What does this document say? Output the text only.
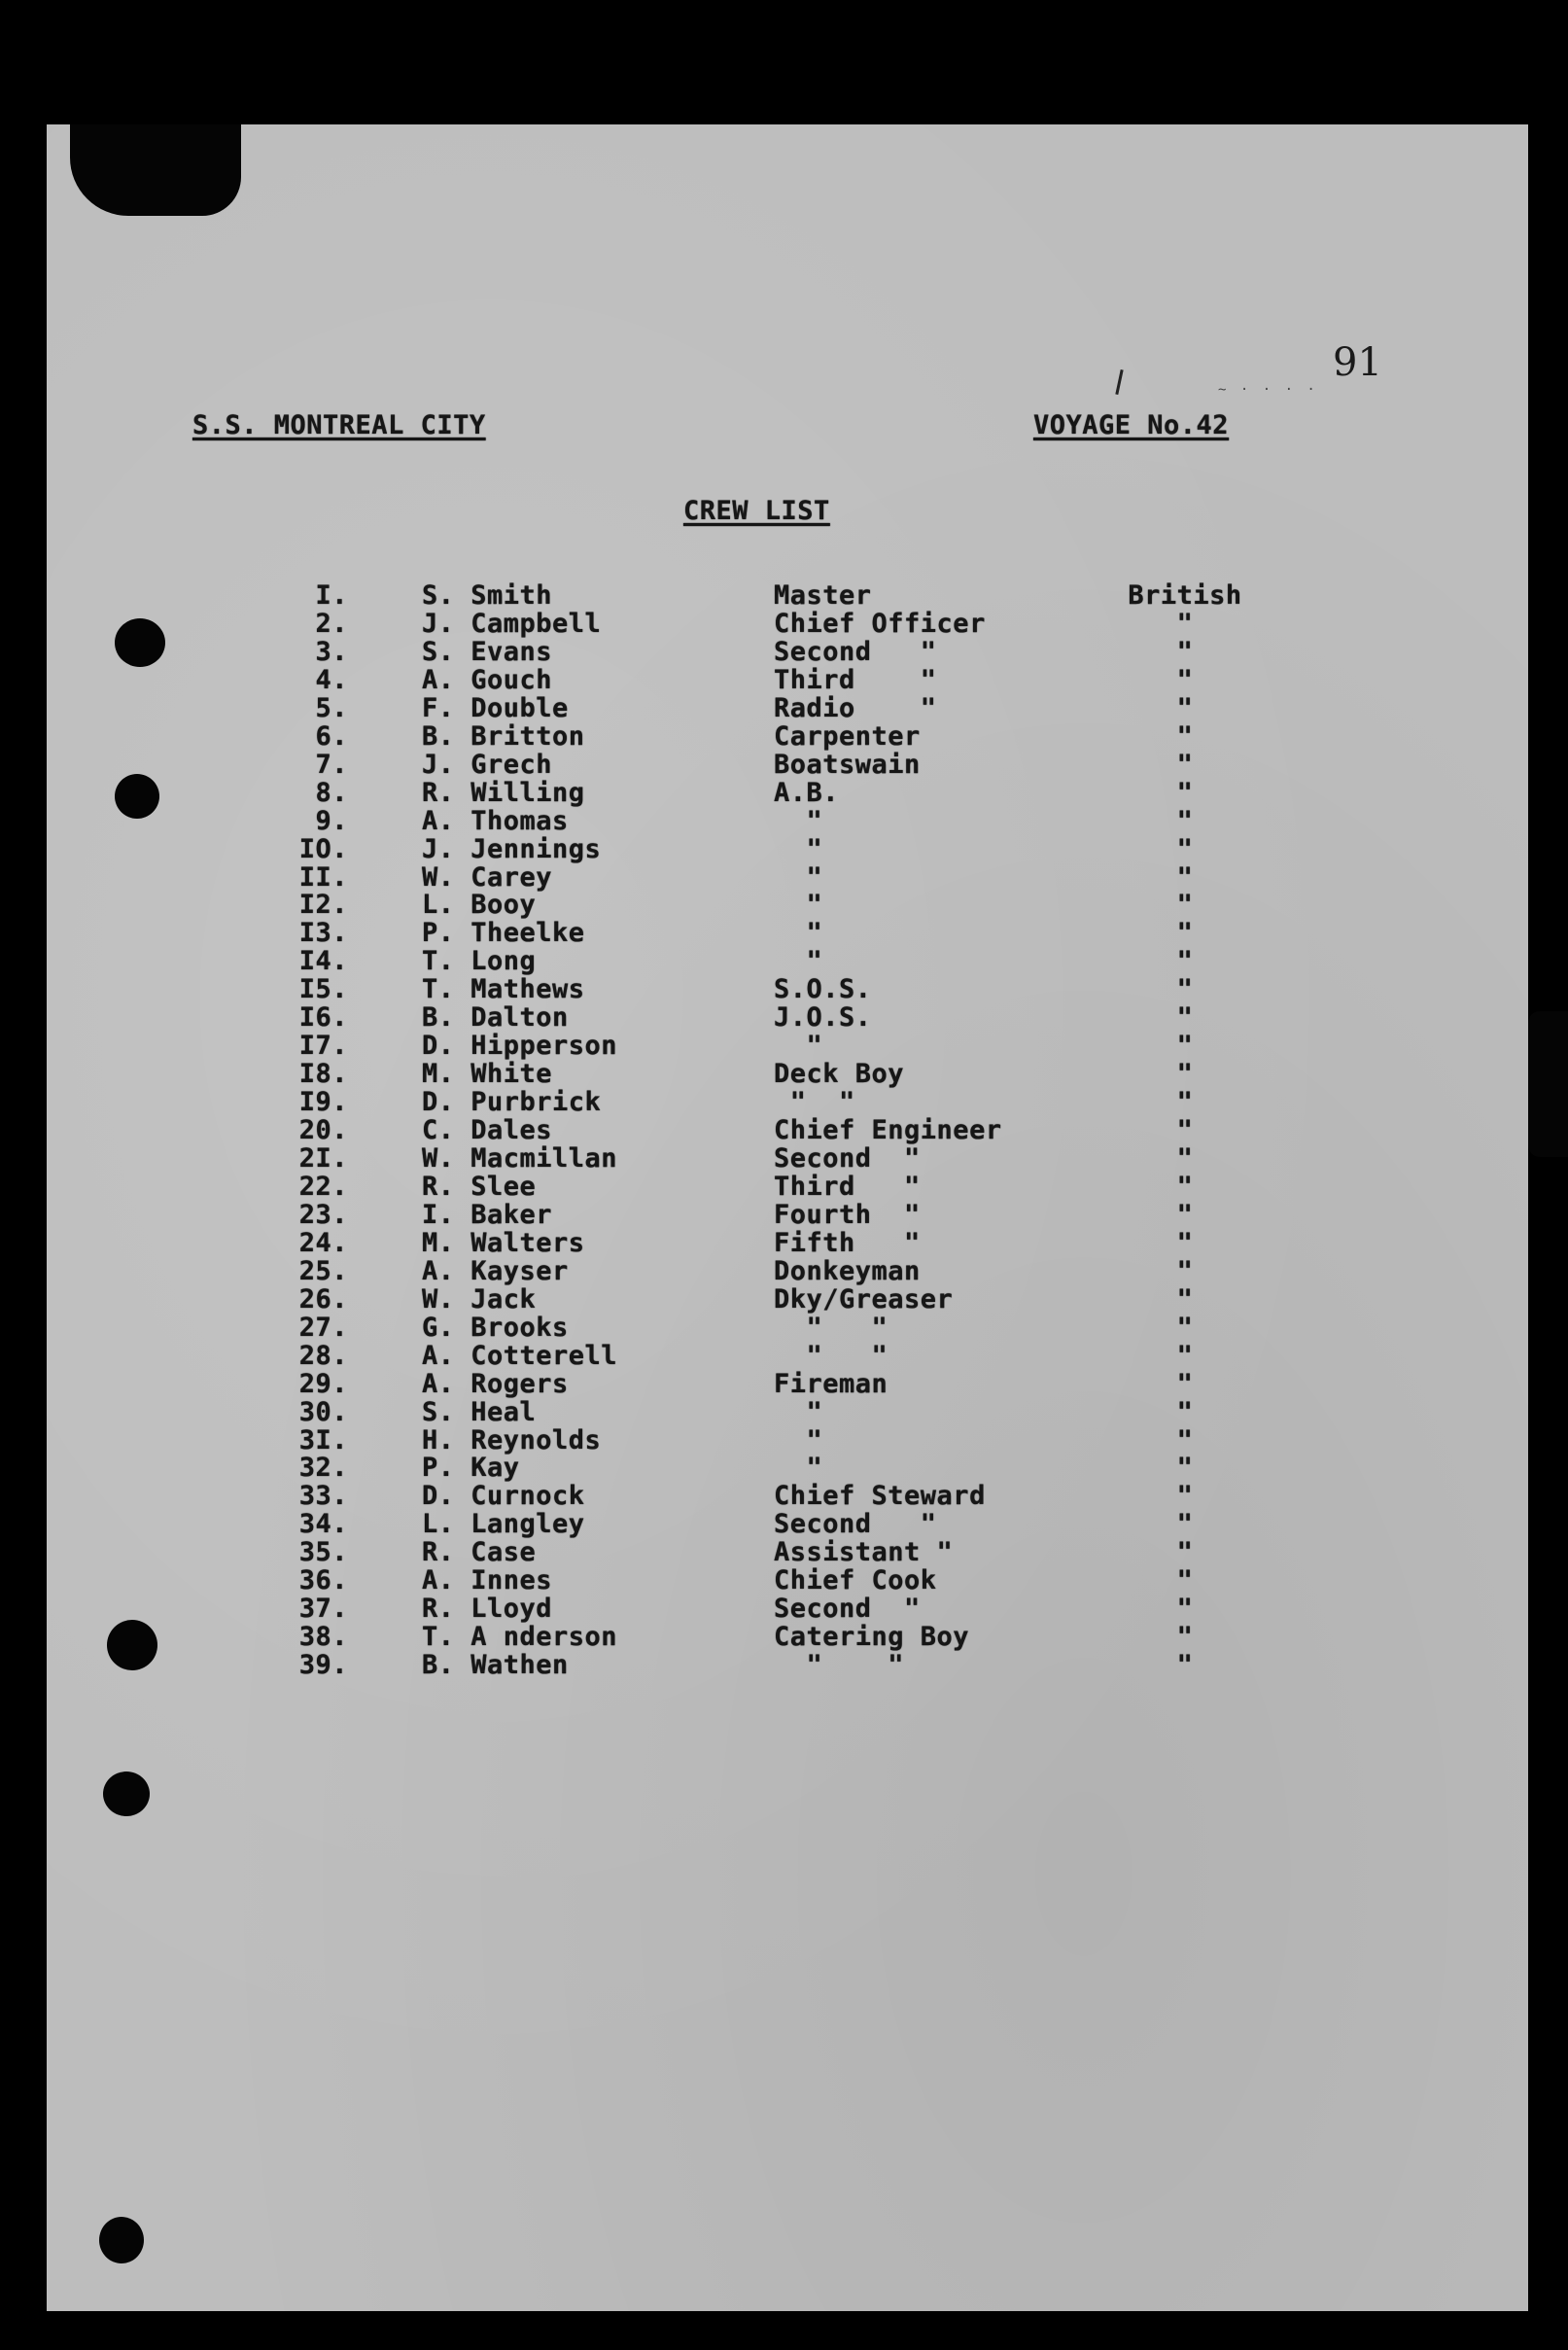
~ · · · ·
91
S.S. MONTREAL CITY	VOYAGE No.42
CREW LIST
I.	S. Smith	Master	British
2.	J. Campbell	Chief Officer	"
3.	S. Evans	Second   "	"
4.	A. Gouch	Third    "	"
5.	F. Double	Radio    "	"
6.	B. Britton	Carpenter	"
7.	J. Grech	Boatswain	"
8.	R. Willing	A.B.	"
9.	A. Thomas	"	"
IO.	J. Jennings	"	"
II.	W. Carey	"	"
I2.	L. Booy	"	"
I3.	P. Theelke	"	"
I4.	T. Long	"	"
I5.	T. Mathews	S.O.S.	"
I6.	B. Dalton	J.O.S.	"
I7.	D. Hipperson	"	"
I8.	M. White	Deck Boy	"
I9.	D. Purbrick	"  "	"
20.	C. Dales	Chief Engineer	"
2I.	W. Macmillan	Second  "	"
22.	R. Slee	Third   "	"
23.	I. Baker	Fourth  "	"
24.	M. Walters	Fifth   "	"
25.	A. Kayser	Donkeyman	"
26.	W. Jack	Dky/Greaser	"
27.	G. Brooks	"   "	"
28.	A. Cotterell	"   "	"
29.	A. Rogers	Fireman	"
30.	S. Heal	"	"
3I.	H. Reynolds	"	"
32.	P. Kay	"	"
33.	D. Curnock	Chief Steward	"
34.	L. Langley	Second   "	"
35.	R. Case	Assistant "	"
36.	A. Innes	Chief Cook	"
37.	R. Lloyd	Second  "	"
38.	T. A nderson	Catering Boy	"
39.	B. Wathen	"    "	"
